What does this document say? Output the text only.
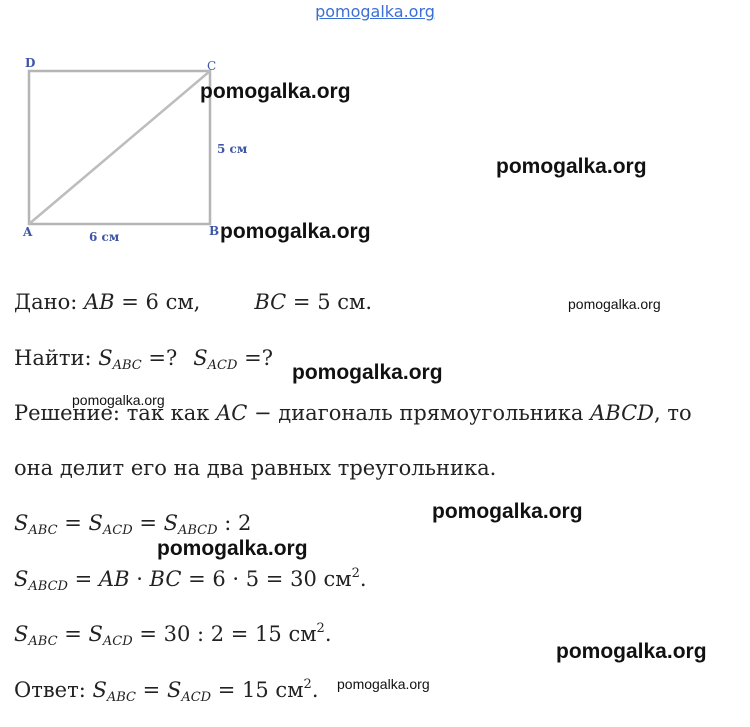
pomogalka.org
D	C
A	B
5 см
6 см
pomogalka.org
pomogalka.org
pomogalka.org
pomogalka.org
pomogalka.org
pomogalka.org
pomogalka.org
pomogalka.org
pomogalka.org
pomogalka.org
Дано: AB = 6 см,	BC = 5 см.
Найти: $S_{ABC}$ =? $S_{ACD}$ =?
Решение: так как AC − диагональ прямоугольника ABCD, то
она делит его на два равных треугольника.
$S_{ABC} = S_{ACD} = S_{ABCD}$ : 2
$S_{ABCD}$ = AB · BC = 6 · 5 = 30 $см^2$.
$S_{ABC} = S_{ACD} = 30$ : 2 = 15 $см^2$.
Ответ: $S_{ABC} = S_{ACD} = 15$ $см^2$.
